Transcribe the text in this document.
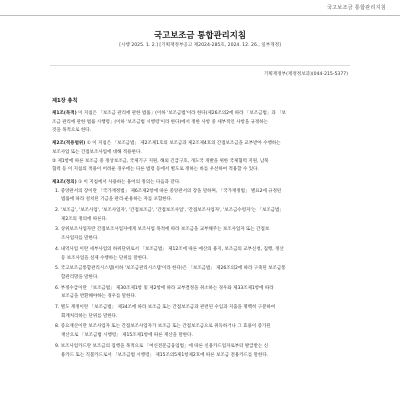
국고보조금 통합관리지침
국고보조금 통합관리지침
[시행 2025. 1. 2.] [기획재정부공고 제2024-285호, 2024. 12. 26., 일부개정]
기획재정부(재정정보과)(044-215-5377)
제1장 총칙
제1조(목적) 이 지침은 「보조금 관리에 관한 법률」(이하 '보조금법'이라 한다)제26조의2에 따라 「보조금법」과 「보
조금 관리에 관한 법률 시행령」(이하 '보조금법 시행령'이라 한다)에서 정한 사항 중 세부적인 사항을 규정하는
것을 목적으로 한다.
제2조(적용범위) ① 이 지침은 「보조금법」 제2조제1호의 보조금과 제2조제4호의 간접보조금을 교부받아 수행하는
보조사업 또는 간접보조사업에 대해 적용한다.
② 제1항에 따른 보조금 중 정상보조금, 국제기구 지원, 해외 긴급구호, 개도국 개발을 위한 국제협력 지원, 남북
협력 등 이 지침의 적용이 어려운 경우에는 다른 법령 등에서 별도로 정하는 바를 우선하여 적용할 수 있다.
제3조(정의) ① 이 지침에서 사용하는 용어의 정의는 다음과 같다.
1. 중앙관서의 장이란 「국가재정법」 제6조제2항에 따른 중앙관서의 장을 말하며, 「국가재정법」 별표2에 규정된
법률에 따라 설치된 기금을 관리·운용하는 자를 포함한다.
2. '보조금', '보조사업', '보조사업자', '간접보조금', '간접보조사업', '간접보조사업자', '보조금수령자'는 「보조금법」
제2조의 정의에 따른다.
3. 상위보조사업자란 간접보조사업자에게 보조사업 목적에 따라 보조금을 교부해주는 보조사업자 또는 간접보
조사업자를 말한다.
4. 내역사업 이란 세부사업의 하위단위로서 「보조금법」 제12조에 따른 예산의 용지, 보조금의 교부신청, 집행, 정산
등 보조사업을 실제 수행하는 단위를 말한다.
5. 국고보조금통합관리시스템(이하 '보조금관리시스템'이라 한다)은 「보조금법」 제26조의2에 따라 구축된 보조금통
합관리망을 말한다.
6. 부정수급이란 「보조금법」 제30조제1항 및 제2항에 따라 교부결정을 취소하는 경우와 제33조제1항에 따라
보조금을 반환해야하는 경우를 말한다.
7. 별도 계정이란 「보조금법」 제34조에 따라 보조금 또는 간접보조금과 관련된 수입과 지출을 명백히 구분하여
회계처리하는 단위를 말한다.
8. 증요재산이란 보조사업자 또는 간접보조사업자가 보조금 또는 간접보조금으로 취득하거나 그 효용이 증가된
재산으로 「보조금법 시행령」 제15조제1항에 따른 재산을 말한다.
9. 보조사업카드란 보조금의 집행을 목적으로 「여신전문금융업법」에 따른 신용카드업자로부터 발급받는 신
용카드 또는 직불카드로서 「보조금법 시행령」 제15조의5제1항제2호에 따른 보조금 전용카드를 말한다.
